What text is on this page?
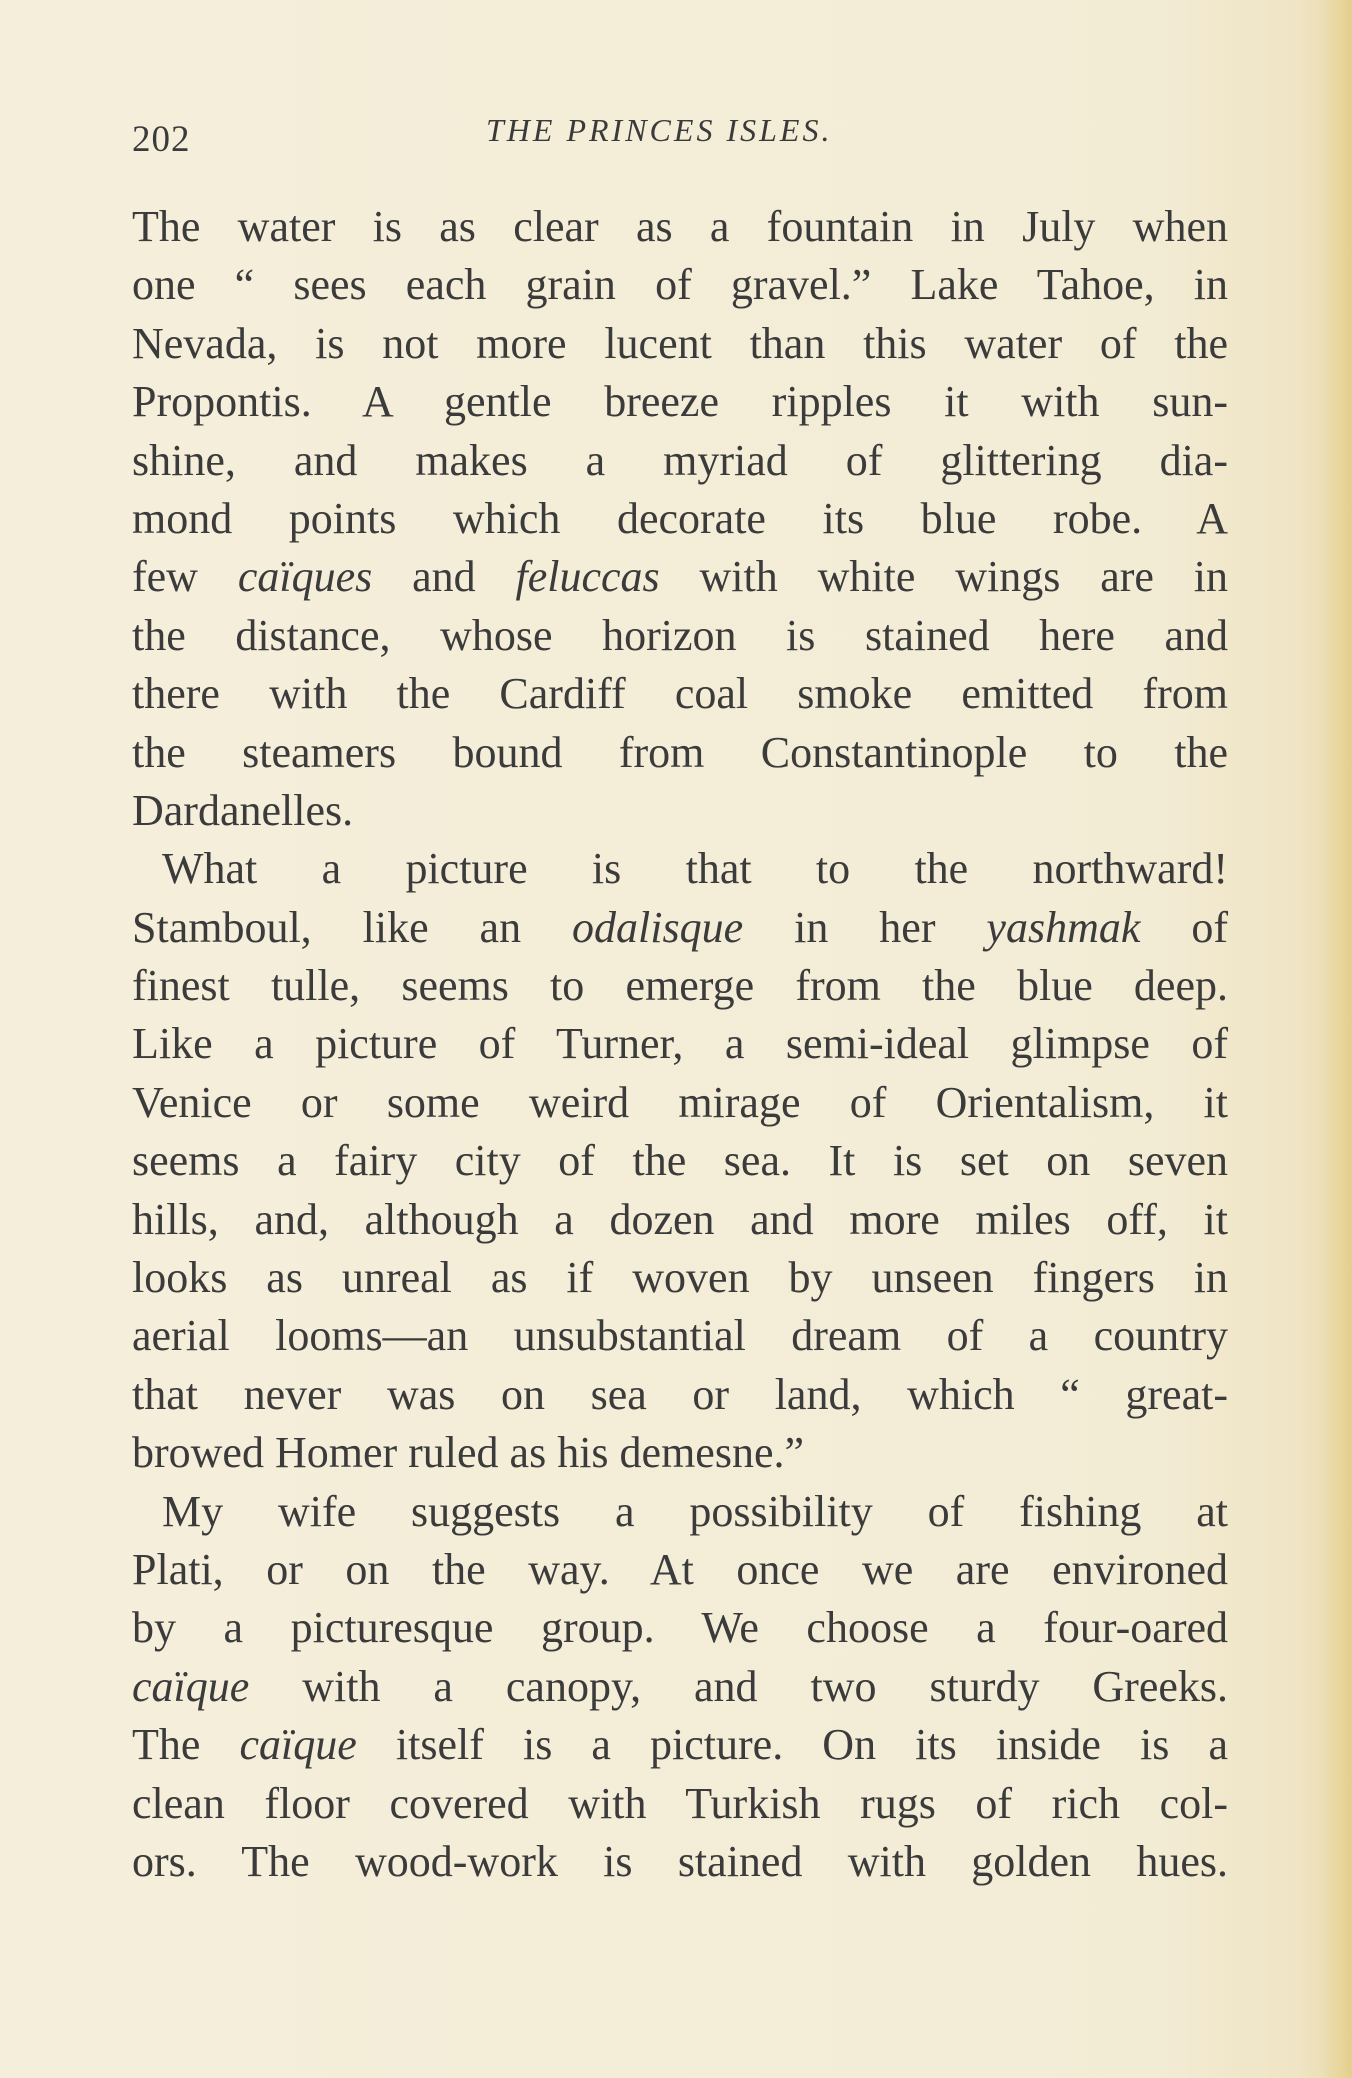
202	THE PRINCES ISLES.
The water is as clear as a fountain in July when
one “ sees each grain of gravel.” Lake Tahoe, in
Nevada, is not more lucent than this water of the
Propontis. A gentle breeze ripples it with sun-
shine, and makes a myriad of glittering dia-
mond points which decorate its blue robe. A
few caïques and feluccas with white wings are in
the distance, whose horizon is stained here and
there with the Cardiff coal smoke emitted from
the steamers bound from Constantinople to the
Dardanelles.
What a picture is that to the northward!
Stamboul, like an odalisque in her yashmak of
finest tulle, seems to emerge from the blue deep.
Like a picture of Turner, a semi-ideal glimpse of
Venice or some weird mirage of Orientalism, it
seems a fairy city of the sea. It is set on seven
hills, and, although a dozen and more miles off, it
looks as unreal as if woven by unseen fingers in
aerial looms—an unsubstantial dream of a country
that never was on sea or land, which “ great-
browed Homer ruled as his demesne.”
My wife suggests a possibility of fishing at
Plati, or on the way. At once we are environed
by a picturesque group. We choose a four-oared
caïque with a canopy, and two sturdy Greeks.
The caïque itself is a picture. On its inside is a
clean floor covered with Turkish rugs of rich col-
ors. The wood-work is stained with golden hues.
